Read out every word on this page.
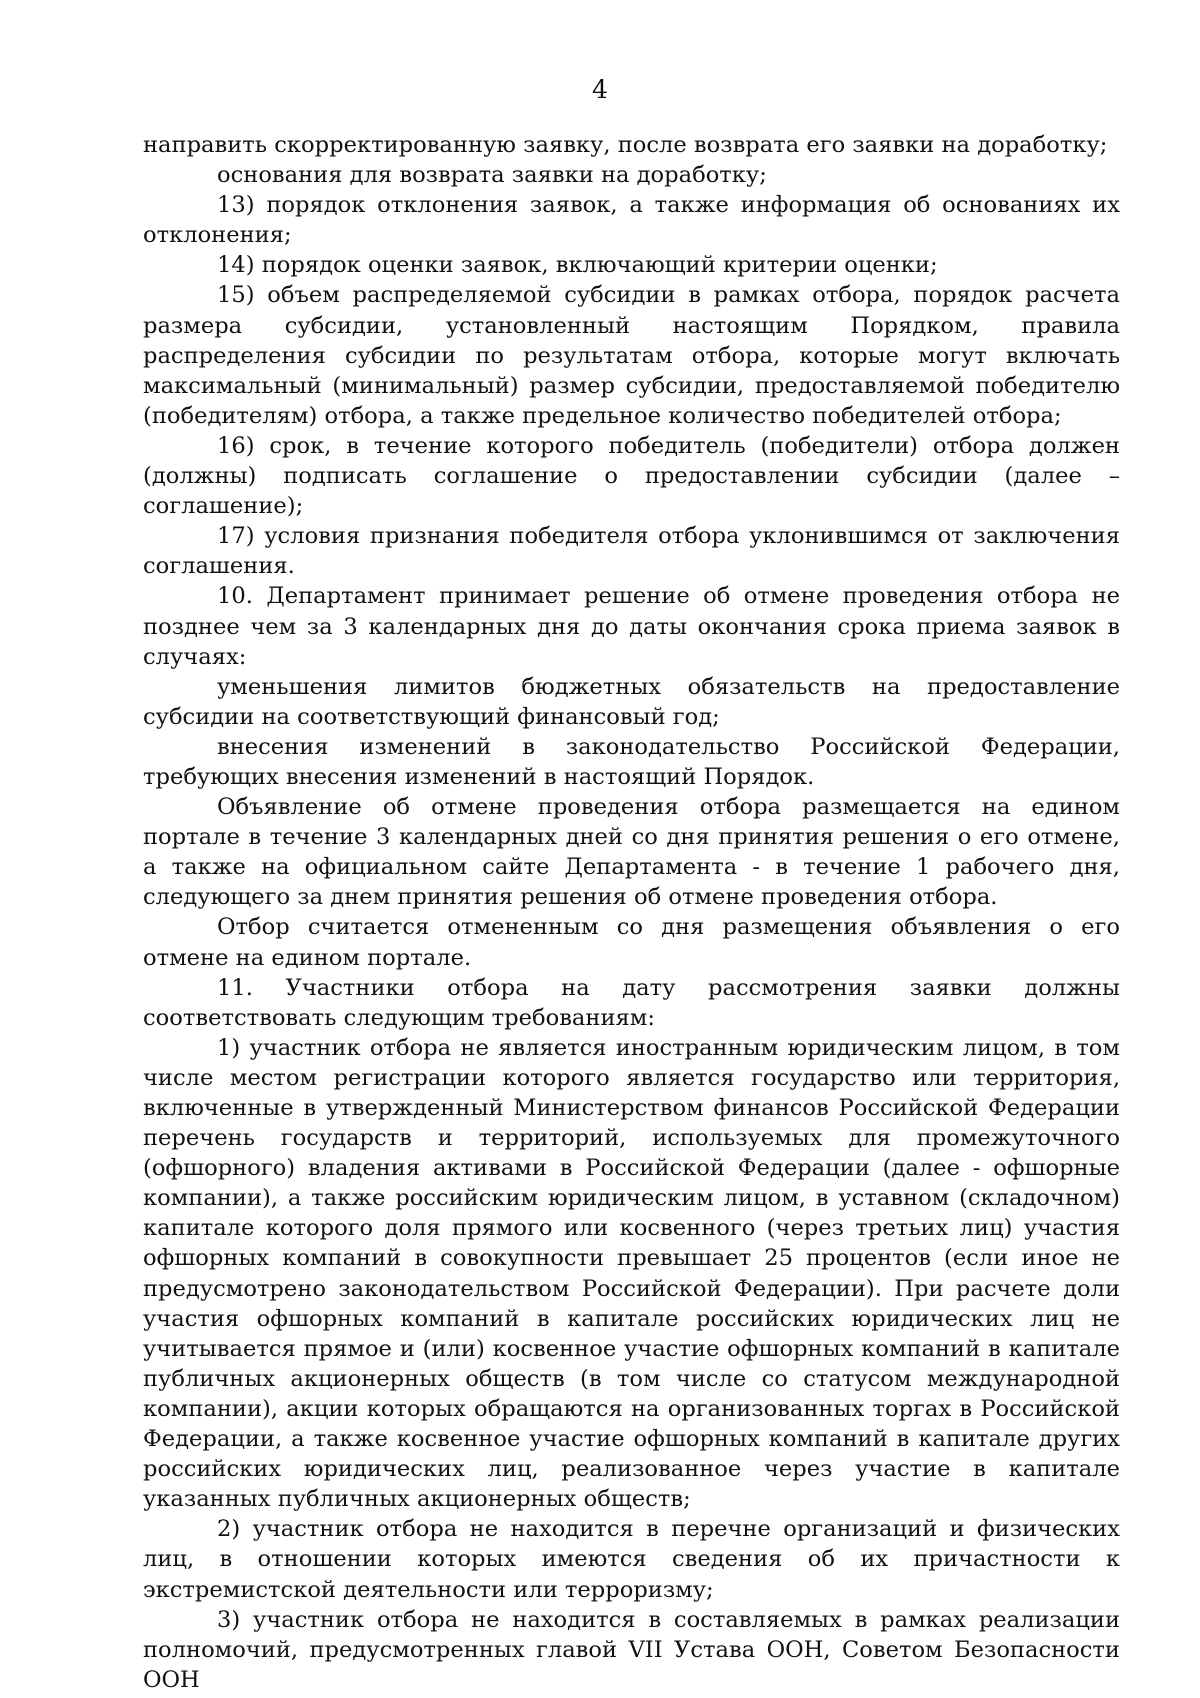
4

направить скорректированную заявку, после возврата его заявки на доработку;

основания для возврата заявки на доработку;

13) порядок отклонения заявок, а также информация об основаниях их отклонения;

14) порядок оценки заявок, включающий критерии оценки;

15) объем распределяемой субсидии в рамках отбора, порядок расчета размера субсидии, установленный настоящим Порядком, правила распределения субсидии по результатам отбора, которые могут включать максимальный (минимальный) размер субсидии, предоставляемой победителю (победителям) отбора, а также предельное количество победителей отбора;

16) срок, в течение которого победитель (победители) отбора должен (должны) подписать соглашение о предоставлении субсидии (далее – соглашение);

17) условия признания победителя отбора уклонившимся от заключения соглашения.

10. Департамент принимает решение об отмене проведения отбора не позднее чем за 3 календарных дня до даты окончания срока приема заявок в случаях:

уменьшения лимитов бюджетных обязательств на предоставление субсидии на соответствующий финансовый год;

внесения изменений в законодательство Российской Федерации, требующих внесения изменений в настоящий Порядок.

Объявление об отмене проведения отбора размещается на едином портале в течение 3 календарных дней со дня принятия решения о его отмене, а также на официальном сайте Департамента - в течение 1 рабочего дня, следующего за днем принятия решения об отмене проведения отбора.

Отбор считается отмененным со дня размещения объявления о его отмене на едином портале.

11. Участники отбора на дату рассмотрения заявки должны соответствовать следующим требованиям:

1) участник отбора не является иностранным юридическим лицом, в том числе местом регистрации которого является государство или территория, включенные в утвержденный Министерством финансов Российской Федерации перечень государств и территорий, используемых для промежуточного (офшорного) владения активами в Российской Федерации (далее - офшорные компании), а также российским юридическим лицом, в уставном (складочном) капитале которого доля прямого или косвенного (через третьих лиц) участия офшорных компаний в совокупности превышает 25 процентов (если иное не предусмотрено законодательством Российской Федерации). При расчете доли участия офшорных компаний в капитале российских юридических лиц не учитывается прямое и (или) косвенное участие офшорных компаний в капитале публичных акционерных обществ (в том числе со статусом международной компании), акции которых обращаются на организованных торгах в Российской Федерации, а также косвенное участие офшорных компаний в капитале других российских юридических лиц, реализованное через участие в капитале указанных публичных акционерных обществ;

2) участник отбора не находится в перечне организаций и физических лиц, в отношении которых имеются сведения об их причастности к экстремистской деятельности или терроризму;

3) участник отбора не находится в составляемых в рамках реализации полномочий, предусмотренных главой VII Устава ООН, Советом Безопасности ООН
